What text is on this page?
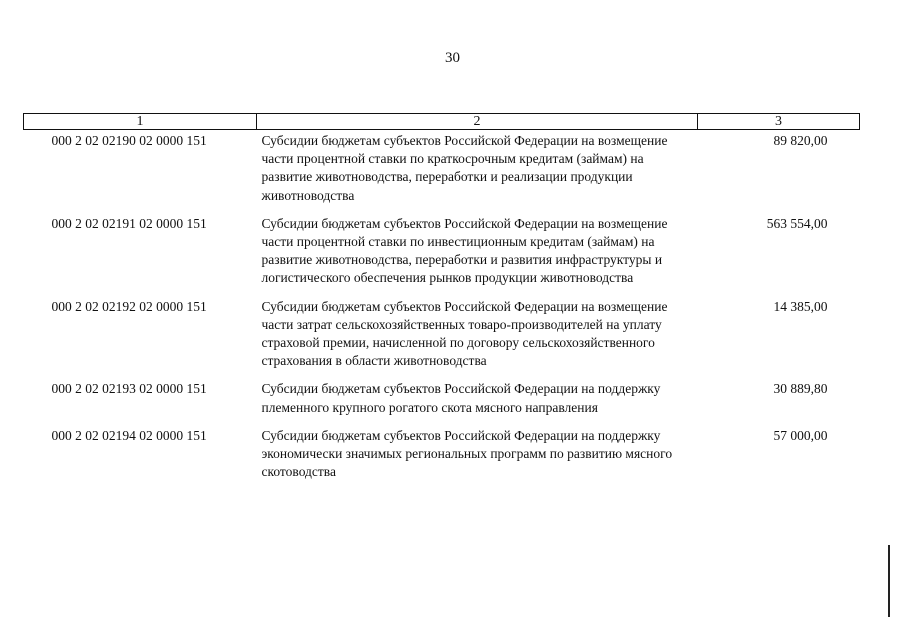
30
1	2	3
000 2 02 02190 02 0000 151	Субсидии бюджетам субъектов Российской Федерации на возмещение части процентной ставки по краткосрочным кредитам (займам) на развитие животноводства, переработки и реализации продукции животноводства	89 820,00
000 2 02 02191 02 0000 151	Субсидии бюджетам субъектов Российской Федерации на возмещение части процентной ставки по инвестиционным кредитам (займам) на развитие животноводства, переработки и развития инфраструктуры и логистического обеспечения рынков продукции животноводства	563 554,00
000 2 02 02192 02 0000 151	Субсидии бюджетам субъектов Российской Федерации на возмещение части затрат сельскохозяйственных товаро-производителей на уплату страховой премии, начисленной по договору сельскохозяйственного страхования в области животноводства	14 385,00
000 2 02 02193 02 0000 151	Субсидии бюджетам субъектов Российской Федерации на поддержку племенного крупного рогатого скота мясного направления	30 889,80
000 2 02 02194 02 0000 151	Субсидии бюджетам субъектов Российской Федерации на поддержку экономически значимых региональных программ по развитию мясного скотоводства	57 000,00
